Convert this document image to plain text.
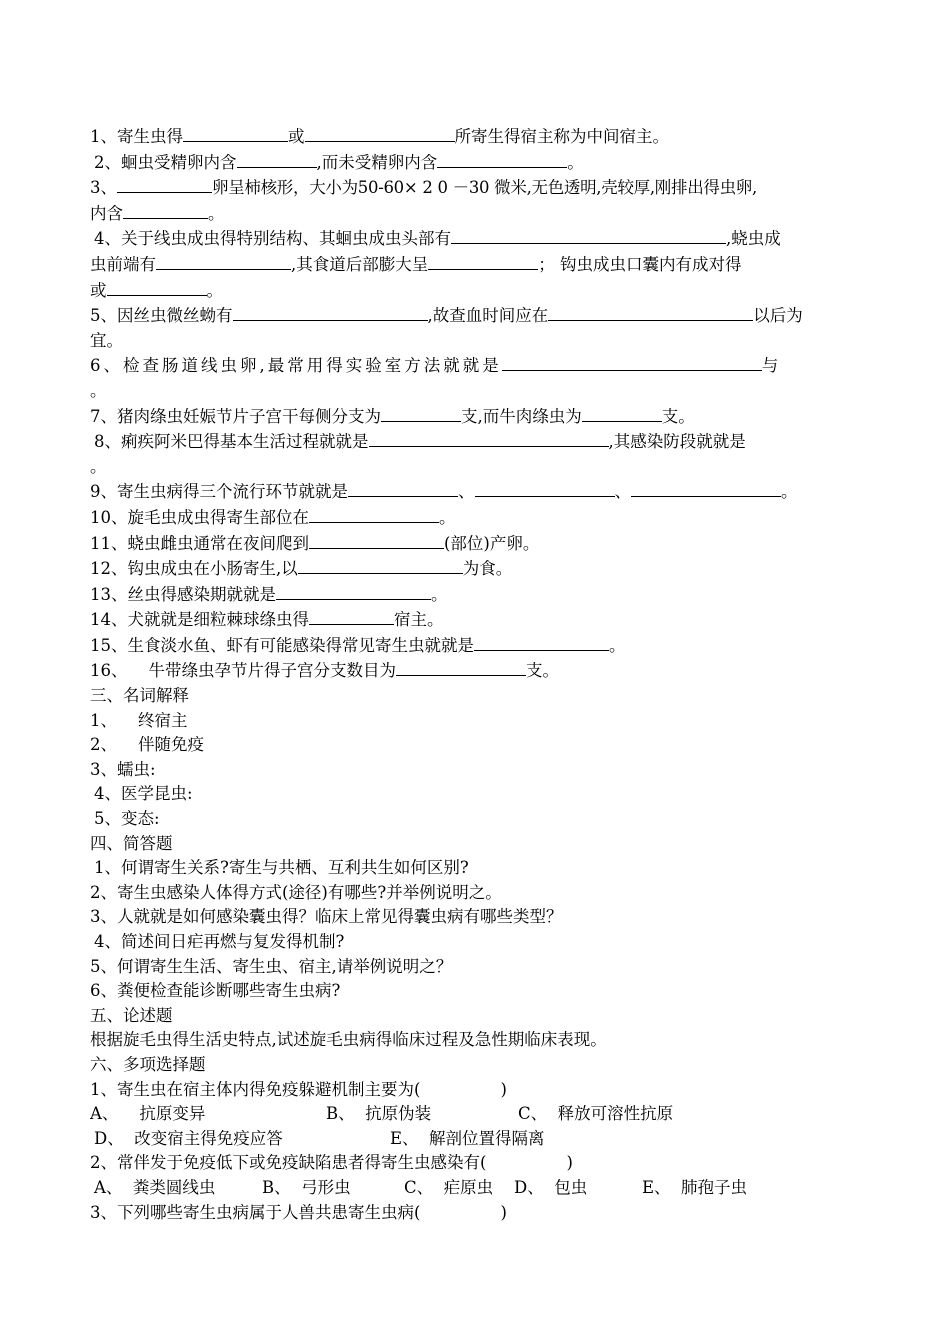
1、寄生虫得	或	所寄生得宿主称为中间宿主。
2、蛔虫受精卵内含	,而未受精卵内含	。
3、	卵呈柿核形，大小为50-60× 2 0 －30 微米,无色透明,壳较厚,刚排出得虫卵,
内含	。
4、关于线虫成虫得特别结构、其蛔虫成虫头部有	,蛲虫成
虫前端有	,其食道后部膨大呈	； 钩虫成虫口囊内有成对得
或	。
5、因丝虫微丝蚴有	,故查血时间应在	以后为
宜。
6、检查肠道线虫卵,最常用得实验室方法就就是	与
。
7、猪肉绦虫妊娠节片子宫干每侧分支为	支,而牛肉绦虫为	支。
8、痢疾阿米巴得基本生活过程就就是	,其感染防段就就是
。
9、寄生虫病得三个流行环节就就是	、	、	。
10、旋毛虫成虫得寄生部位在	。
11、蛲虫雌虫通常在夜间爬到	(部位)产卵。
12、钩虫成虫在小肠寄生,以	为食。
13、丝虫得感染期就就是	。
14、犬就就是细粒棘球绦虫得	宿主。
15、生食淡水鱼、虾有可能感染得常见寄生虫就就是	。
16、    牛带绦虫孕节片得子宫分支数目为	支。
三、名词解释
1、    终宿主
2、    伴随免疫
3、蠕虫:
4、医学昆虫:
5、变态:
四、简答题
1、何谓寄生关系?寄生与共栖、互利共生如何区别?
2、寄生虫感染人体得方式(途径)有哪些?并举例说明之。
3、人就就是如何感染囊虫得？临床上常见得囊虫病有哪些类型？
4、简述间日疟再燃与复发得机制?
5、何谓寄生生活、寄生虫、宿主,请举例说明之？
6、粪便检查能诊断哪些寄生虫病?
五、论述题
根据旋毛虫得生活史特点,试述旋毛虫病得临床过程及急性期临床表现。
六、多项选择题
1、寄生虫在宿主体内得免疫躲避机制主要为(	)
A、    抗原变异	B、  抗原伪装	C、  释放可溶性抗原
D、  改变宿主得免疫应答	E、  解剖位置得隔离
2、常伴发于免疫低下或免疫缺陷患者得寄生虫感染有(	)
A、  粪类圆线虫	B、  弓形虫	C、  疟原虫 D、  包虫	E、  肺孢子虫
3、下列哪些寄生虫病属于人兽共患寄生虫病(	)
